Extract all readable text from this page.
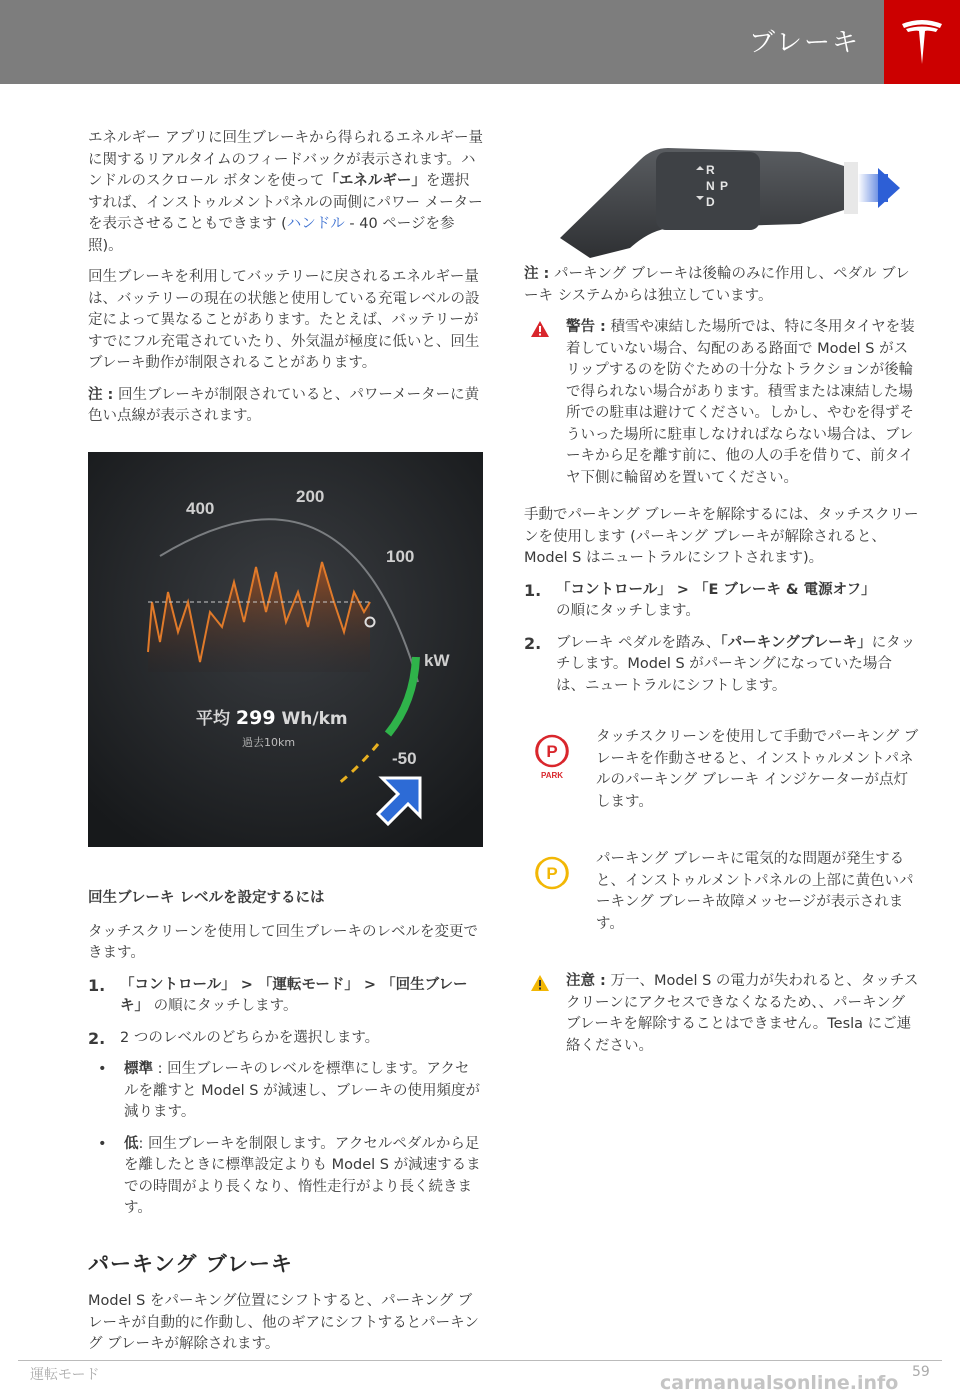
ブレーキ

エネルギー アプリに回生ブレーキから得られるエネルギー量に関するリアルタイムのフィードバックが表示されます。ハンドルのスクロール ボタンを使って「エネルギー」を選択すれば、インストゥルメントパネルの両側にパワー メーターを表示させることもできます (ハンドル - 40 ページを参照)。

回生ブレーキを利用してバッテリーに戻されるエネルギー量は、バッテリーの現在の状態と使用している充電レベルの設定によって異なることがあります。たとえば、バッテリーがすでにフル充電されていたり、外気温が極度に低いと、回生ブレーキ動作が制限されることがあります。

注 : 回生ブレーキが制限されていると、パワーメーターに黄色い点線が表示されます。

400
200
100
kW
-50
平均 299 Wh/km
過去10km
回生ブレーキ レベルを設定するには

タッチスクリーンを使用して回生ブレーキのレベルを変更できます。

1. 「コントロール」 > 「運転モード」 > 「回生ブレーキ」 の順にタッチします。
2. 2 つのレベルのどちらかを選択します。
• 標準 : 回生ブレーキのレベルを標準にします。アクセルを離すと Model S が減速し、ブレーキの使用頻度が減ります。
• 低: 回生ブレーキを制限します。アクセルペダルから足を離したときに標準設定よりも Model S が減速するまでの時間がより長くなり、惰性走行がより長く続きます。
パーキング ブレーキ

Model S をパーキング位置にシフトすると、パーキング ブレーキが自動的に作動し、他のギアにシフトするとパーキング ブレーキが解除されます。

R
N
D
P

注 : パーキング ブレーキは後輪のみに作用し、ペダル ブレーキ システムからは独立しています。

警告 : 積雪や凍結した場所では、特に冬用タイヤを装着していない場合、勾配のある路面で Model S がスリップするのを防ぐための十分なトラクションが後輪で得られない場合があります。積雪または凍結した場所での駐車は避けてください。しかし、やむを得ずそういった場所に駐車しなければならない場合は、ブレーキから足を離す前に、他の人の手を借りて、前タイヤ下側に輪留めを置いてください。

手動でパーキング ブレーキを解除するには、タッチスクリーンを使用します (パーキング ブレーキが解除されると、Model S はニュートラルにシフトされます)。

1. 「コントロール」 > 「E ブレーキ & 電源オフ」
の順にタッチします。
2. ブレーキ ペダルを踏み、「パーキングブレーキ」にタッチします。Model S がパーキングになっていた場合は、ニュートラルにシフトします。
P
PARK
タッチスクリーンを使用して手動でパーキング ブレーキを作動させると、インストゥルメントパネルのパーキング ブレーキ インジケーターが点灯します。
P
パーキング ブレーキに電気的な問題が発生すると、インストゥルメントパネルの上部に黄色いパーキング ブレーキ故障メッセージが表示されます。
注意 : 万一、Model S の電力が失われると、タッチスクリーンにアクセスできなくなるため、、パーキングブレーキを解除することはできません。Tesla にご連絡ください。
運転モード	59
carmanualsonline.info
